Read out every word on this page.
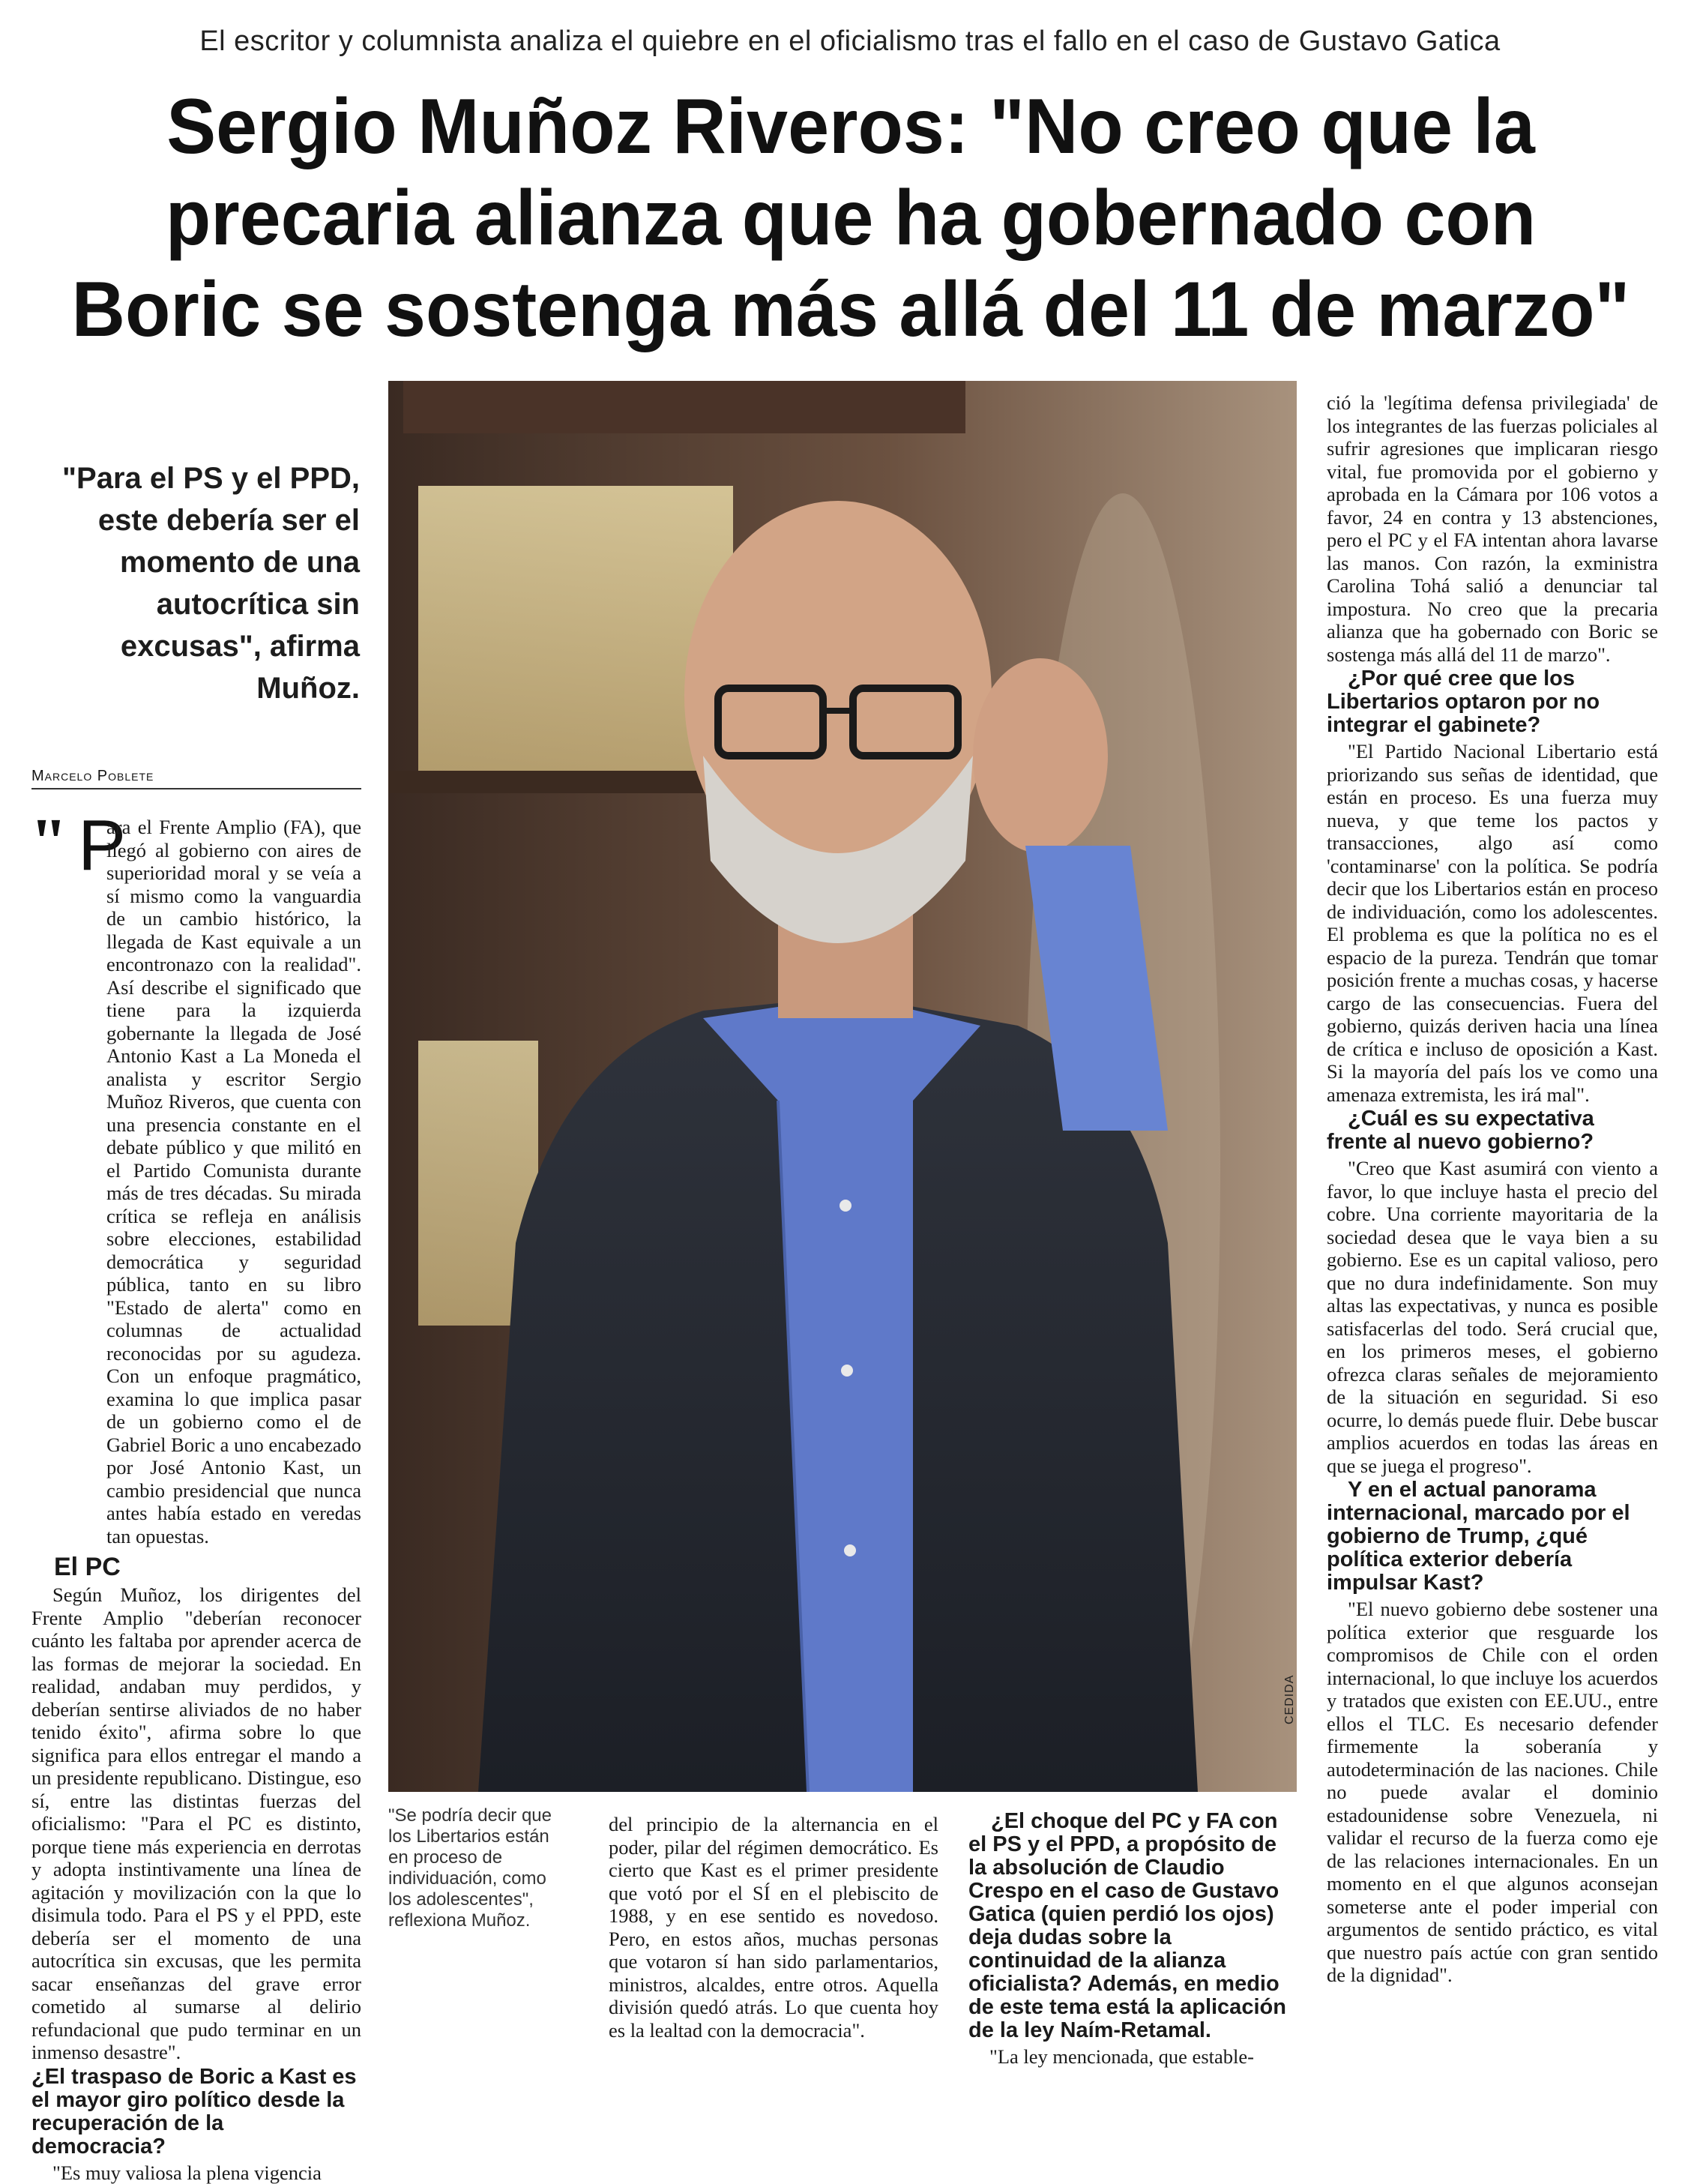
El escritor y columnista analiza el quiebre en el oficialismo tras el fallo en el caso de Gustavo Gatica
Sergio Muñoz Riveros: "No creo que la
precaria alianza que ha gobernado con
Boric se sostenga más allá del 11 de marzo"
"Para el PS y el PPD, este debería ser el momento de una autocrítica sin excusas", afirma Muñoz.
Marcelo Poblete
" P

ara el Frente Amplio (FA), que llegó al gobierno con aires de superioridad moral y se veía a sí mismo como la vanguardia de un cambio histórico, la llegada de Kast equivale a un encontronazo con la realidad". Así describe el significado que tiene para la izquierda gobernante la llegada de José Antonio Kast a La Moneda el analista y escritor Sergio Muñoz Riveros, que cuenta con una presencia constante en el debate público y que militó en el Partido Comunista durante más de tres décadas. Su mirada crítica se refleja en análisis sobre elecciones, estabilidad democrática y seguridad pública, tanto en su libro "Estado de alerta" como en columnas de actualidad reconocidas por su agudeza. Con un enfoque pragmático, examina lo que implica pasar de un gobierno como el de Gabriel Boric a uno encabezado por José Antonio Kast, un cambio presidencial que nunca antes había estado en veredas tan opuestas.

El PC

Según Muñoz, los dirigentes del Frente Amplio "deberían reconocer cuánto les faltaba por aprender acerca de las formas de mejorar la sociedad. En realidad, andaban muy perdidos, y deberían sentirse aliviados de no haber tenido éxito", afirma sobre lo que significa para ellos entregar el mando a un presidente republicano. Distingue, eso sí, entre las distintas fuerzas del oficialismo: "Para el PC es distinto, porque tiene más experiencia en derrotas y adopta instintivamente una línea de agitación y movilización con la que lo disimula todo. Para el PS y el PPD, este debería ser el momento de una autocrítica sin excusas, que les permita sacar enseñanzas del grave error cometido al sumarse al delirio refundacional que pudo terminar en un inmenso desastre".

¿El traspaso de Boric a Kast es el mayor giro político desde la recuperación de la democracia?

"Es muy valiosa la plena vigencia

CEDIDA
"Se podría decir que los Libertarios están en proceso de individuación, como los adolescentes", reflexiona Muñoz.

del principio de la alternancia en el poder, pilar del régimen democrático. Es cierto que Kast es el primer presidente que votó por el SÍ en el plebiscito de 1988, y en ese sentido es novedoso. Pero, en estos años, muchas personas que votaron sí han sido parlamentarios, ministros, alcaldes, entre otros. Aquella división quedó atrás. Lo que cuenta hoy es la lealtad con la democracia".

¿El choque del PC y FA con el PS y el PPD, a propósito de la absolución de Claudio Crespo en el caso de Gustavo Gatica (quien perdió los ojos) deja dudas sobre la continuidad de la alianza oficialista? Además, en medio de este tema está la aplicación de la ley Naím-Retamal.

"La ley mencionada, que estable-

ció la 'legítima defensa privilegiada' de los integrantes de las fuerzas policiales al sufrir agresiones que implicaran riesgo vital, fue promovida por el gobierno y aprobada en la Cámara por 106 votos a favor, 24 en contra y 13 abstenciones, pero el PC y el FA intentan ahora lavarse las manos. Con razón, la exministra Carolina Tohá salió a denunciar tal impostura. No creo que la precaria alianza que ha gobernado con Boric se sostenga más allá del 11 de marzo".

¿Por qué cree que los Libertarios optaron por no integrar el gabinete?

"El Partido Nacional Libertario está priorizando sus señas de identidad, que están en proceso. Es una fuerza muy nueva, y que teme los pactos y transacciones, algo así como 'contaminarse' con la política. Se podría decir que los Libertarios están en proceso de individuación, como los adolescentes. El problema es que la política no es el espacio de la pureza. Tendrán que tomar posición frente a muchas cosas, y hacerse cargo de las consecuencias. Fuera del gobierno, quizás deriven hacia una línea de crítica e incluso de oposición a Kast. Si la mayoría del país los ve como una amenaza extremista, les irá mal".

¿Cuál es su expectativa frente al nuevo gobierno?

"Creo que Kast asumirá con viento a favor, lo que incluye hasta el precio del cobre. Una corriente mayoritaria de la sociedad desea que le vaya bien a su gobierno. Ese es un capital valioso, pero que no dura indefinidamente. Son muy altas las expectativas, y nunca es posible satisfacerlas del todo. Será crucial que, en los primeros meses, el gobierno ofrezca claras señales de mejoramiento de la situación en seguridad. Si eso ocurre, lo demás puede fluir. Debe buscar amplios acuerdos en todas las áreas en que se juega el progreso".

Y en el actual panorama internacional, marcado por el gobierno de Trump, ¿qué política exterior debería impulsar Kast?

"El nuevo gobierno debe sostener una política exterior que resguarde los compromisos de Chile con el orden internacional, lo que incluye los acuerdos y tratados que existen con EE.UU., entre ellos el TLC. Es necesario defender firmemente la soberanía y autodeterminación de las naciones. Chile no puede avalar el dominio estadounidense sobre Venezuela, ni validar el recurso de la fuerza como eje de las relaciones internacionales. En un momento en el que algunos aconsejan someterse ante el poder imperial con argumentos de sentido práctico, es vital que nuestro país actúe con gran sentido de la dignidad".
